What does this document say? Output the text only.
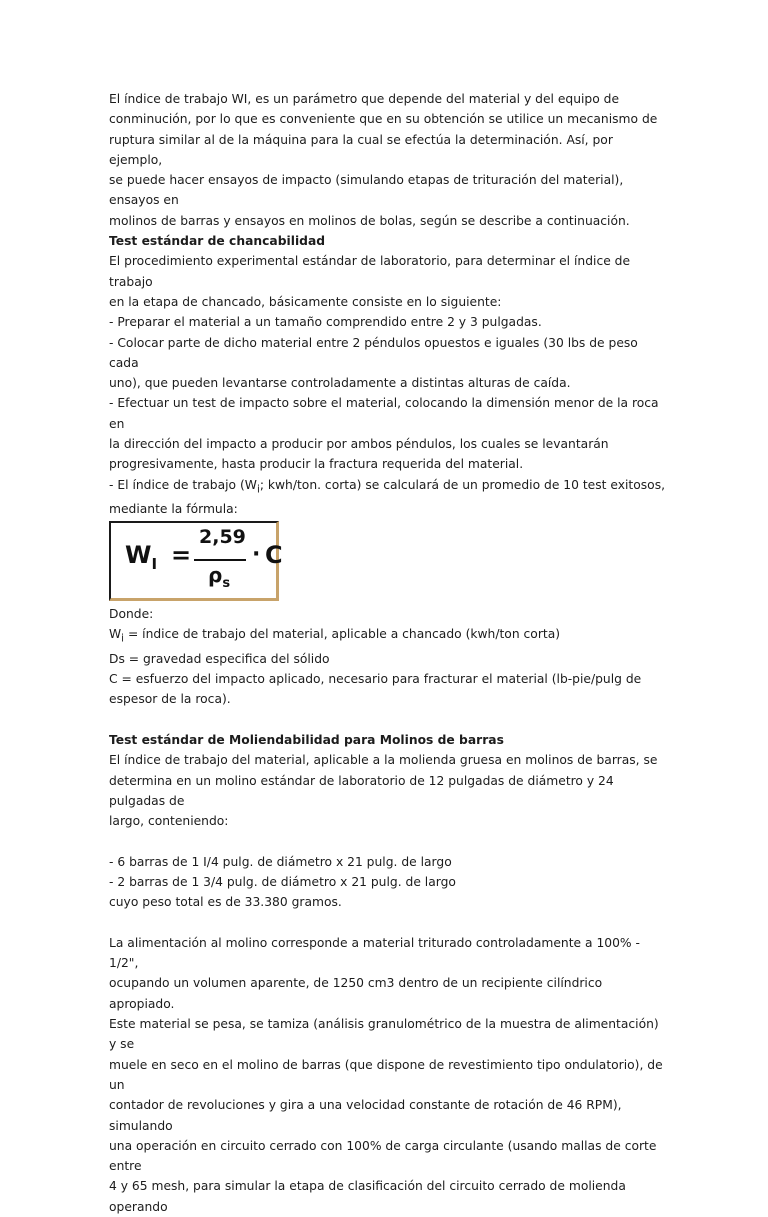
El índice de trabajo WI, es un parámetro que depende del material y del equipo de

conminución, por lo que es conveniente que en su obtención se utilice un mecanismo de

ruptura similar al de la máquina para la cual se efectúa la determinación. Así, por ejemplo,

se puede hacer ensayos de impacto (simulando etapas de trituración del material), ensayos en

molinos de barras y ensayos en molinos de bolas, según se describe a continuación.

Test estándar de chancabilidad

El procedimiento experimental estándar de laboratorio, para determinar el índice de trabajo

en la etapa de chancado, básicamente consiste en lo siguiente:

- Preparar el material a un tamaño comprendido entre 2 y 3 pulgadas.

- Colocar parte de dicho material entre 2 péndulos opuestos e iguales (30 lbs de peso cada

uno), que pueden levantarse controladamente a distintas alturas de caída.

- Efectuar un test de impacto sobre el material, colocando la dimensión menor de la roca en

la dirección del impacto a producir por ambos péndulos, los cuales se levantarán

progresivamente, hasta producir la fractura requerida del material.

- El índice de trabajo ($W_i$; kwh/ton. corta) se calculará de un promedio de 10 test exitosos,

mediante la fórmula:

$W_I$ =
2,59
$\rho_s$
· C

Donde:

$W_i$ = índice de trabajo del material, aplicable a chancado (kwh/ton corta)

Ds = gravedad especifica del sólido

C = esfuerzo del impacto aplicado, necesario para fracturar el material (lb-pie/pulg de

espesor de la roca).

Test estándar de Moliendabilidad para Molinos de barras

El índice de trabajo del material, aplicable a la molienda gruesa en molinos de barras, se

determina en un molino estándar de laboratorio de 12 pulgadas de diámetro y 24 pulgadas de

largo, conteniendo:

- 6 barras de 1 I/4 pulg. de diámetro x 21 pulg. de largo

- 2 barras de 1 3/4 pulg. de diámetro x 21 pulg. de largo

cuyo peso total es de 33.380 gramos.

La alimentación al molino corresponde a material triturado controladamente a 100% - 1/2",

ocupando un volumen aparente, de 1250 cm3 dentro de un recipiente cilíndrico apropiado.

Este material se pesa, se tamiza (análisis granulométrico de la muestra de alimentación) y se

muele en seco en el molino de barras (que dispone de revestimiento tipo ondulatorio), de un

contador de revoluciones y gira a una velocidad constante de rotación de 46 RPM), simulando

una operación en circuito cerrado con 100% de carga circulante (usando mallas de corte entre

4 y 65 mesh, para simular la etapa de clasificación del circuito cerrado de molienda operando
